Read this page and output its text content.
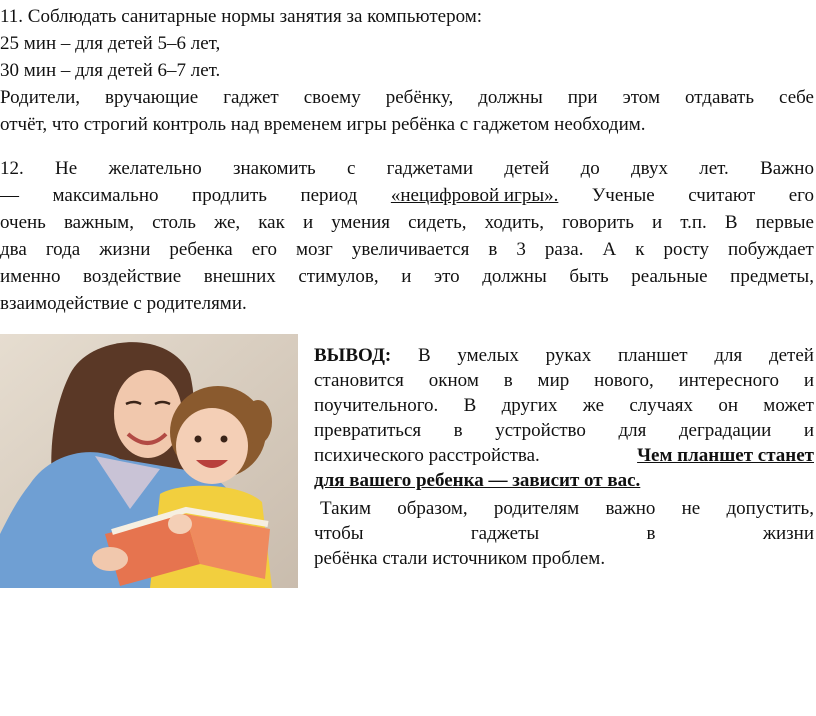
11. Соблюдать санитарные нормы занятия за компьютером:
25 мин – для детей 5–6 лет,
30 мин – для детей 6–7 лет.
Родители, вручающие гаджет своему ребёнку, должны при этом отдавать себе
отчёт, что строгий контроль над временем игры ребёнка с гаджетом необходим.
12. Не желательно знакомить с гаджетами детей до двух лет. Важно
— максимально продлить период «нецифровой игры». Ученые считают его
очень важным, столь же, как и умения сидеть, ходить, говорить и т.п. В первые
два года жизни ребенка его мозг увеличивается в 3 раза. А к росту побуждает
именно воздействие внешних стимулов, и это должны быть реальные предметы,
взаимодействие с родителями.
ВЫВОД: В умелых руках планшет для детей
становится окном в мир нового, интересного и
поучительного. В других же случаях он может
превратиться в устройство для деградации и
психического расстройства.	Чем планшет станет
для вашего ребенка — зависит от вас.
Таким образом, родителям важно не допустить,
чтобы	гаджеты	в	жизни
ребёнка стали источником проблем.
